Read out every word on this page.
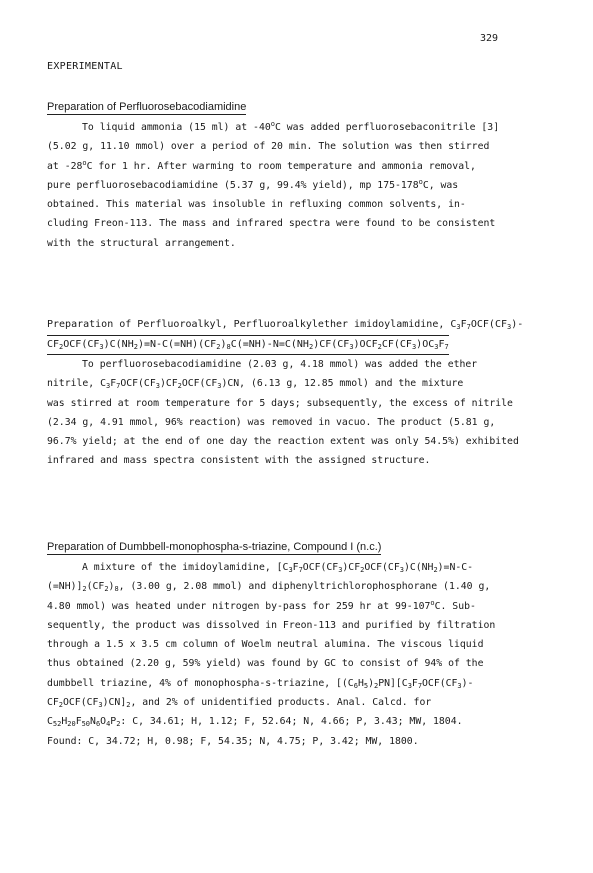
329
EXPERIMENTAL
Preparation of Perfluorosebacodiamidine
To liquid ammonia (15 ml) at -40$^o$C was added perfluorosebaconitrile [3]
(5.02 g, 11.10 mmol) over a period of 20 min. The solution was then stirred
at -28$^o$C for 1 hr. After warming to room temperature and ammonia removal,
pure perfluorosebacodiamidine (5.37 g, 99.4% yield), mp 175-178$^o$C, was
obtained. This material was insoluble in refluxing common solvents, in-
cluding Freon-113. The mass and infrared spectra were found to be consistent
with the structural arrangement.
Preparation of Perfluoroalkyl, Perfluoroalkylether imidoylamidine, $C_3F_7OCF(CF_3)-$
$CF_2OCF(CF_3)C(NH_2)=N-C(=NH)(CF_2)_8C(=NH)-N=C(NH_2)CF(CF_3)OCF_2CF(CF_3)OC_3F_7$
To perfluorosebacodiamidine (2.03 g, 4.18 mmol) was added the ether
nitrile, $C_3F_7OCF(CF_3)CF_2OCF(CF_3)CN$, (6.13 g, 12.85 mmol) and the mixture
was stirred at room temperature for 5 days; subsequently, the excess of nitrile
(2.34 g, 4.91 mmol, 96% reaction) was removed in vacuo. The product (5.81 g,
96.7% yield; at the end of one day the reaction extent was only 54.5%) exhibited
infrared and mass spectra consistent with the assigned structure.
Preparation of Dumbbell-monophospha-s-triazine, Compound I (n.c.)
A mixture of the imidoylamidine, [$C_3F_7OCF(CF_3)CF_2OCF(CF_3)C(NH_2)=N-C-$
$(=NH)]_2(CF_2)_8$, (3.00 g, 2.08 mmol) and diphenyltrichlorophosphorane (1.40 g,
4.80 mmol) was heated under nitrogen by-pass for 259 hr at 99-107$^o$C. Sub-
sequently, the product was dissolved in Freon-113 and purified by filtration
through a 1.5 x 3.5 cm column of Woelm neutral alumina. The viscous liquid
thus obtained (2.20 g, 59% yield) was found by GC to consist of 94% of the
dumbbell triazine, 4% of monophospha-s-triazine, $[(C_6H_5)_2PN][C_3F_7OCF(CF_3)-$
$CF_2OCF(CF_3)CN]_2$, and 2% of unidentified products. Anal. Calcd. for
$C_{52}H_{20}F_{50}N_6O_4P_2$: C, 34.61; H, 1.12; F, 52.64; N, 4.66; P, 3.43; MW, 1804.
Found: C, 34.72; H, 0.98; F, 54.35; N, 4.75; P, 3.42; MW, 1800.
